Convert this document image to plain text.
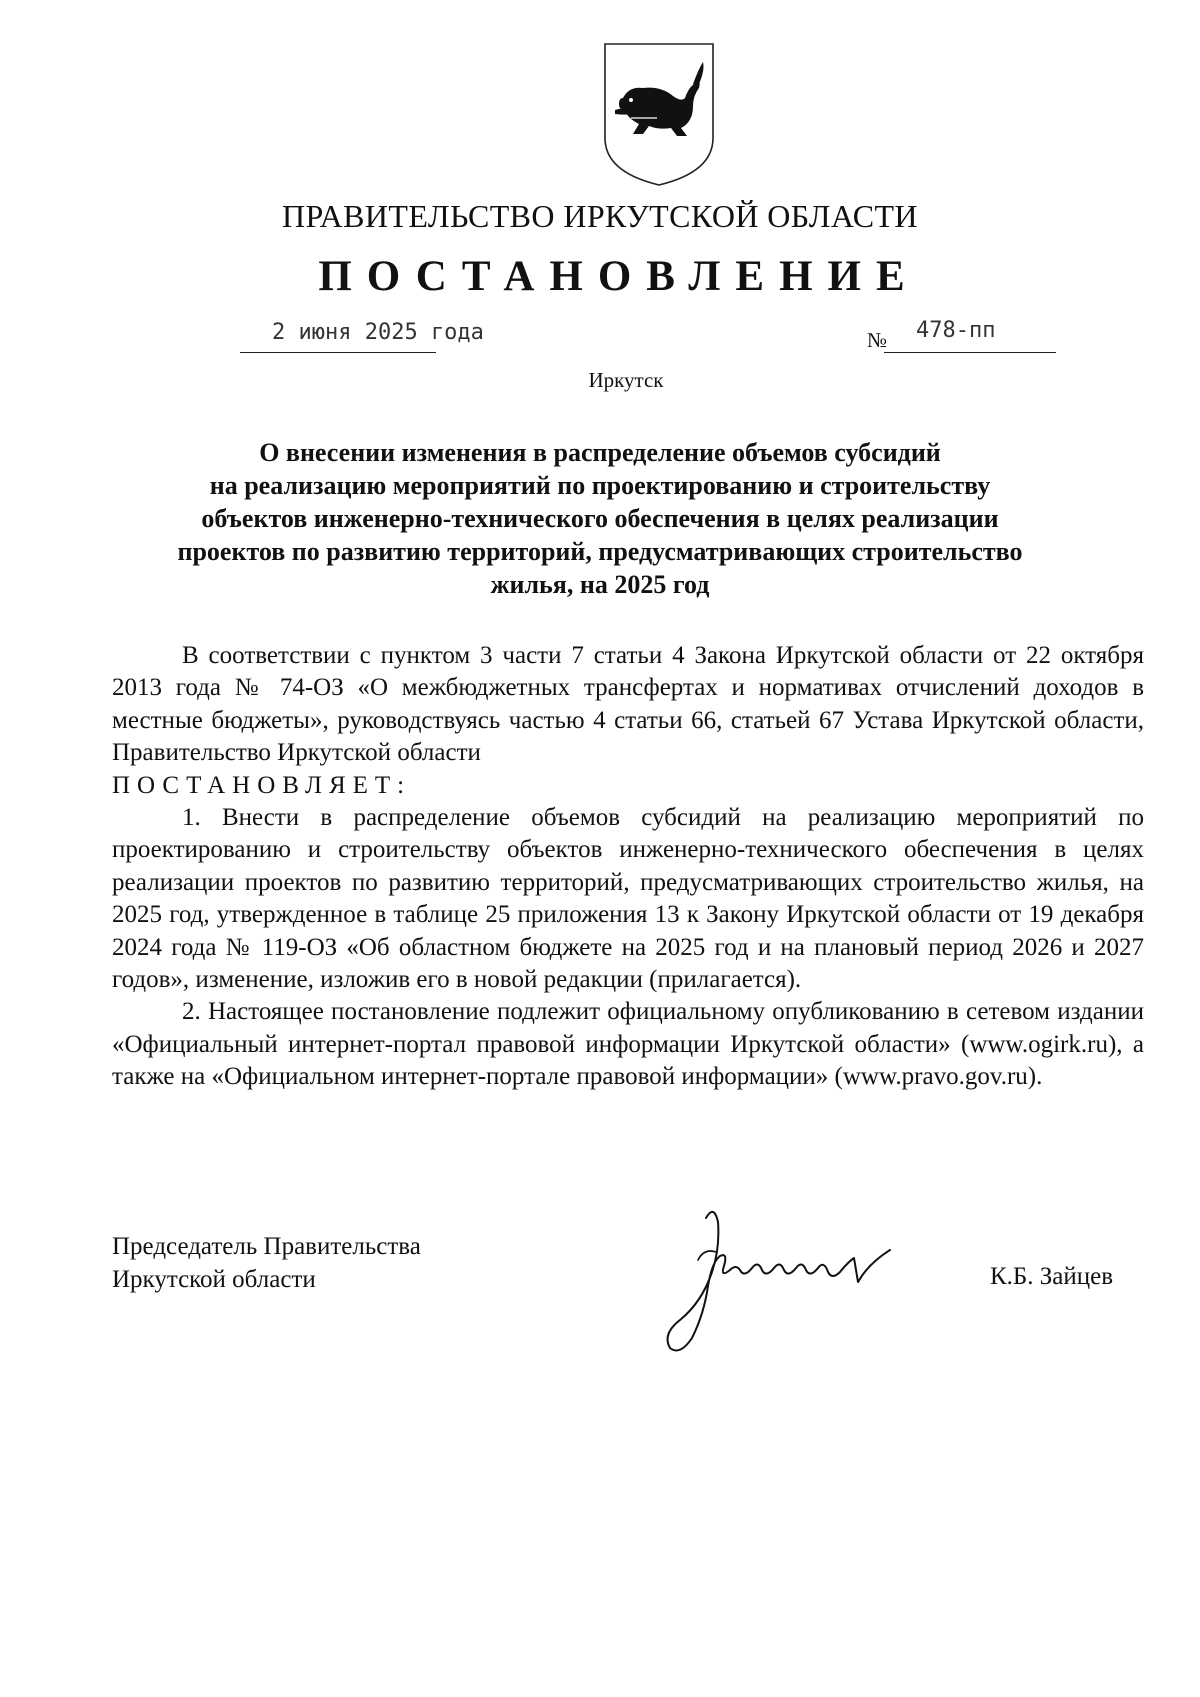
ПРАВИТЕЛЬСТВО ИРКУТСКОЙ ОБЛАСТИ
ПОСТАНОВЛЕНИЕ
2 июня 2025 года	№ 478-пп
Иркутск
О внесении изменения в распределение объемов субсидий
на реализацию мероприятий по проектированию и строительству
объектов инженерно-технического обеспечения в целях реализации
проектов по развитию территорий, предусматривающих строительство
жилья, на 2025 год

В соответствии с пунктом 3 части 7 статьи 4 Закона Иркутской области от 22 октября 2013 года № 74-ОЗ «О межбюджетных трансфертах и нормативах отчислений доходов в местные бюджеты», руководствуясь частью 4 статьи 66, статьей 67 Устава Иркутской области, Правительство Иркутской области

ПОСТАНОВЛЯЕТ:

1. Внести в распределение объемов субсидий на реализацию мероприятий по проектированию и строительству объектов инженерно-технического обеспечения в целях реализации проектов по развитию территорий, предусматривающих строительство жилья, на 2025 год, утвержденное в таблице 25 приложения 13 к Закону Иркутской области от 19 декабря 2024 года № 119-ОЗ «Об областном бюджете на 2025 год и на плановый период 2026 и 2027 годов», изменение, изложив его в новой редакции (прилагается).

2. Настоящее постановление подлежит официальному опубликованию в сетевом издании «Официальный интернет-портал правовой информации Иркутской области» (www.ogirk.ru), а также на «Официальном интернет-портале правовой информации» (www.pravo.gov.ru).

Председатель Правительства
Иркутской области	К.Б. Зайцев
